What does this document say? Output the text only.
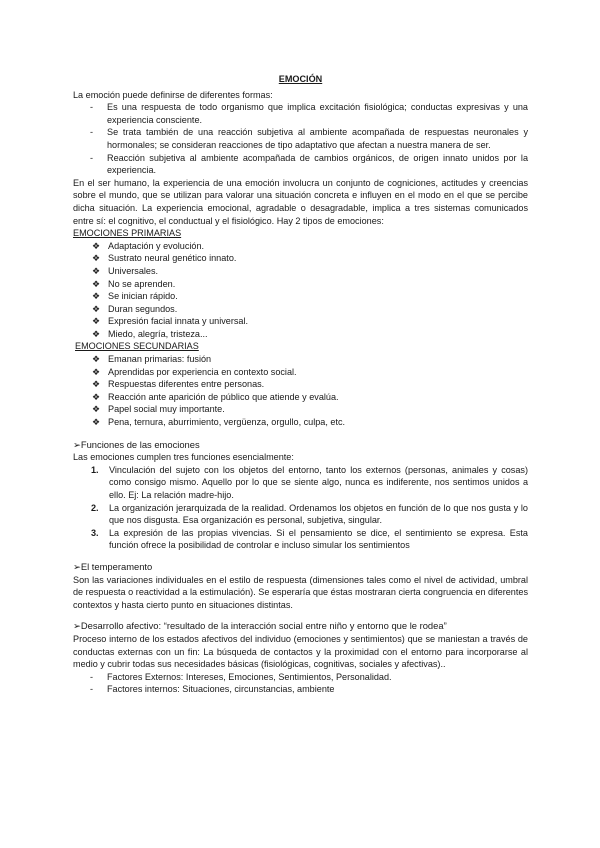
EMOCIÓN

La emoción puede definirse de diferentes formas:

- Es una respuesta de todo organismo que implica excitación fisiológica; conductas expresivas y una experiencia consciente.
- Se trata también de una reacción subjetiva al ambiente acompañada de respuestas neuronales y hormonales; se consideran reacciones de tipo adaptativo que afectan a nuestra manera de ser.
- Reacción subjetiva al ambiente acompañada de cambios orgánicos, de origen innato unidos por la experiencia.

En el ser humano, la experiencia de una emoción involucra un conjunto de cogniciones, actitudes y creencias sobre el mundo, que se utilizan para valorar una situación concreta e influyen en el modo en el que se percibe dicha situación. La experiencia emocional, agradable o desagradable, implica a tres sistemas comunicados entre sí: el cognitivo, el conductual y el fisiológico. Hay 2 tipos de emociones:

EMOCIONES PRIMARIAS

❖ Adaptación y evolución.
❖ Sustrato neural genético innato.
❖ Universales.
❖ No se aprenden.
❖ Se inician rápido.
❖ Duran segundos.
❖ Expresión facial innata y universal.
❖ Miedo, alegría, tristeza...

EMOCIONES SECUNDARIAS

❖ Emanan primarias: fusión
❖ Aprendidas por experiencia en contexto social.
❖ Respuestas diferentes entre personas.
❖ Reacción ante aparición de público que atiende y evalúa.
❖ Papel social muy importante.
❖ Pena, ternura, aburrimiento, vergüenza, orgullo, culpa, etc.

➢Funciones de las emociones

Las emociones cumplen tres funciones esencialmente:

1. Vinculación del sujeto con los objetos del entorno, tanto los externos (personas, animales y cosas) como consigo mismo. Aquello por lo que se siente algo, nunca es indiferente, nos sentimos unidos a ello. Ej: La relación madre-hijo.
2. La organización jerarquizada de la realidad. Ordenamos los objetos en función de lo que nos gusta y lo que nos disgusta. Esa organización es personal, subjetiva, singular.
3. La expresión de las propias vivencias. Si el pensamiento se dice, el sentimiento se expresa. Esta función ofrece la posibilidad de controlar e incluso simular los sentimientos

➢El temperamento

Son las variaciones individuales en el estilo de respuesta (dimensiones tales como el nivel de actividad, umbral de respuesta o reactividad a la estimulación). Se esperaría que éstas mostraran cierta congruencia en diferentes contextos y hasta cierto punto en situaciones distintas.

➢Desarrollo afectivo: “resultado de la interacción social entre niño y entorno que le rodea”

Proceso interno de los estados afectivos del individuo (emociones y sentimientos) que se maniestan a través de conductas externas con un fin: La búsqueda de contactos y la proximidad con el entorno para incorporarse al medio y cubrir todas sus necesidades básicas (fisiológicas, cognitivas, sociales y afectivas)..

- Factores Externos: Intereses, Emociones, Sentimientos, Personalidad.
- Factores internos: Situaciones, circunstancias, ambiente
